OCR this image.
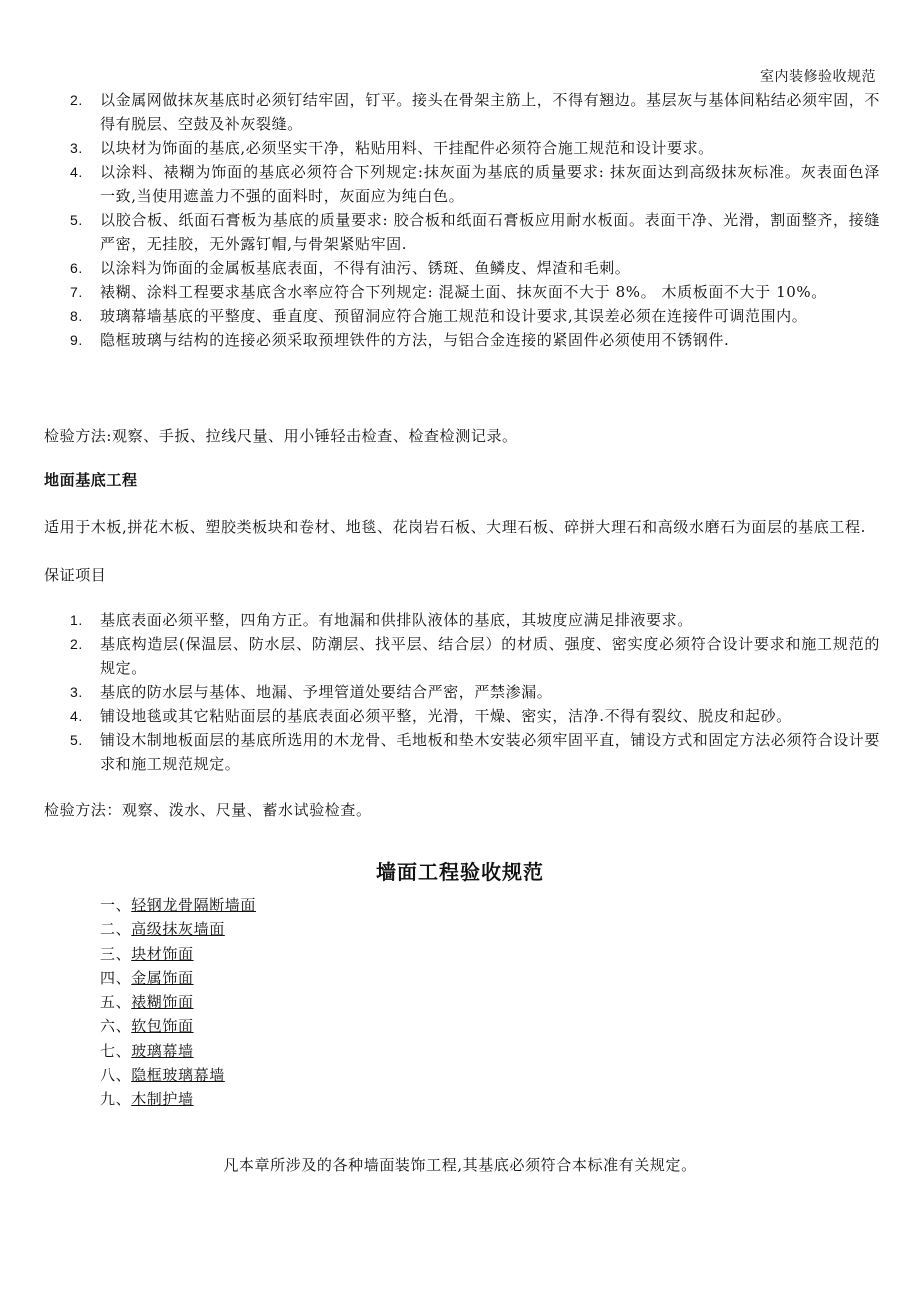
室内装修验收规范
2.	以金属网做抹灰基底时必须钉结牢固，钉平。接头在骨架主筋上，不得有翘边。基层灰与基体间粘结必须牢固，不得有脱层、空鼓及补灰裂缝。
3.	以块材为饰面的基底,必须坚实干净，粘贴用料、干挂配件必须符合施工规范和设计要求。
4.	以涂料、裱糊为饰面的基底必须符合下列规定:抹灰面为基底的质量要求: 抹灰面达到高级抹灰标准。灰表面色泽一致,当使用遮盖力不强的面料时，灰面应为纯白色。
5.	以胶合板、纸面石膏板为基底的质量要求: 胶合板和纸面石膏板应用耐水板面。表面干净、光滑，割面整齐，接缝严密，无挂胶，无外露钉帽,与骨架紧贴牢固.
6.	以涂料为饰面的金属板基底表面，不得有油污、锈斑、鱼鳞皮、焊渣和毛刺。
7.	裱糊、涂料工程要求基底含水率应符合下列规定: 混凝土面、抹灰面不大于 8%。 木质板面不大于 10%。
8.	玻璃幕墙基底的平整度、垂直度、预留洞应符合施工规范和设计要求,其误差必须在连接件可调范围内。
9.	隐框玻璃与结构的连接必须采取预埋铁件的方法，与铝合金连接的紧固件必须使用不锈钢件.
检验方法:观察、手扳、拉线尺量、用小锤轻击检查、检查检测记录。
地面基底工程
适用于木板,拼花木板、塑胶类板块和卷材、地毯、花岗岩石板、大理石板、碎拼大理石和高级水磨石为面层的基底工程.
保证项目
1.	基底表面必须平整，四角方正。有地漏和供排队液体的基底，其坡度应满足排液要求。
2.	基底构造层(保温层、防水层、防潮层、找平层、结合层）的材质、强度、密实度必须符合设计要求和施工规范的规定。
3.	基底的防水层与基体、地漏、予埋管道处要结合严密，严禁渗漏。
4.	铺设地毯或其它粘贴面层的基底表面必须平整，光滑，干燥、密实，洁净.不得有裂纹、脱皮和起砂。
5.	铺设木制地板面层的基底所选用的木龙骨、毛地板和垫木安装必须牢固平直，铺设方式和固定方法必须符合设计要求和施工规范规定。
检验方法：观察、泼水、尺量、蓄水试验检查。
墙面工程验收规范
一、轻钢龙骨隔断墙面
二、高级抹灰墙面
三、块材饰面
四、金属饰面
五、裱糊饰面
六、软包饰面
七、玻璃幕墙
八、隐框玻璃幕墙
九、木制护墙
凡本章所涉及的各种墙面装饰工程,其基底必须符合本标准有关规定。
